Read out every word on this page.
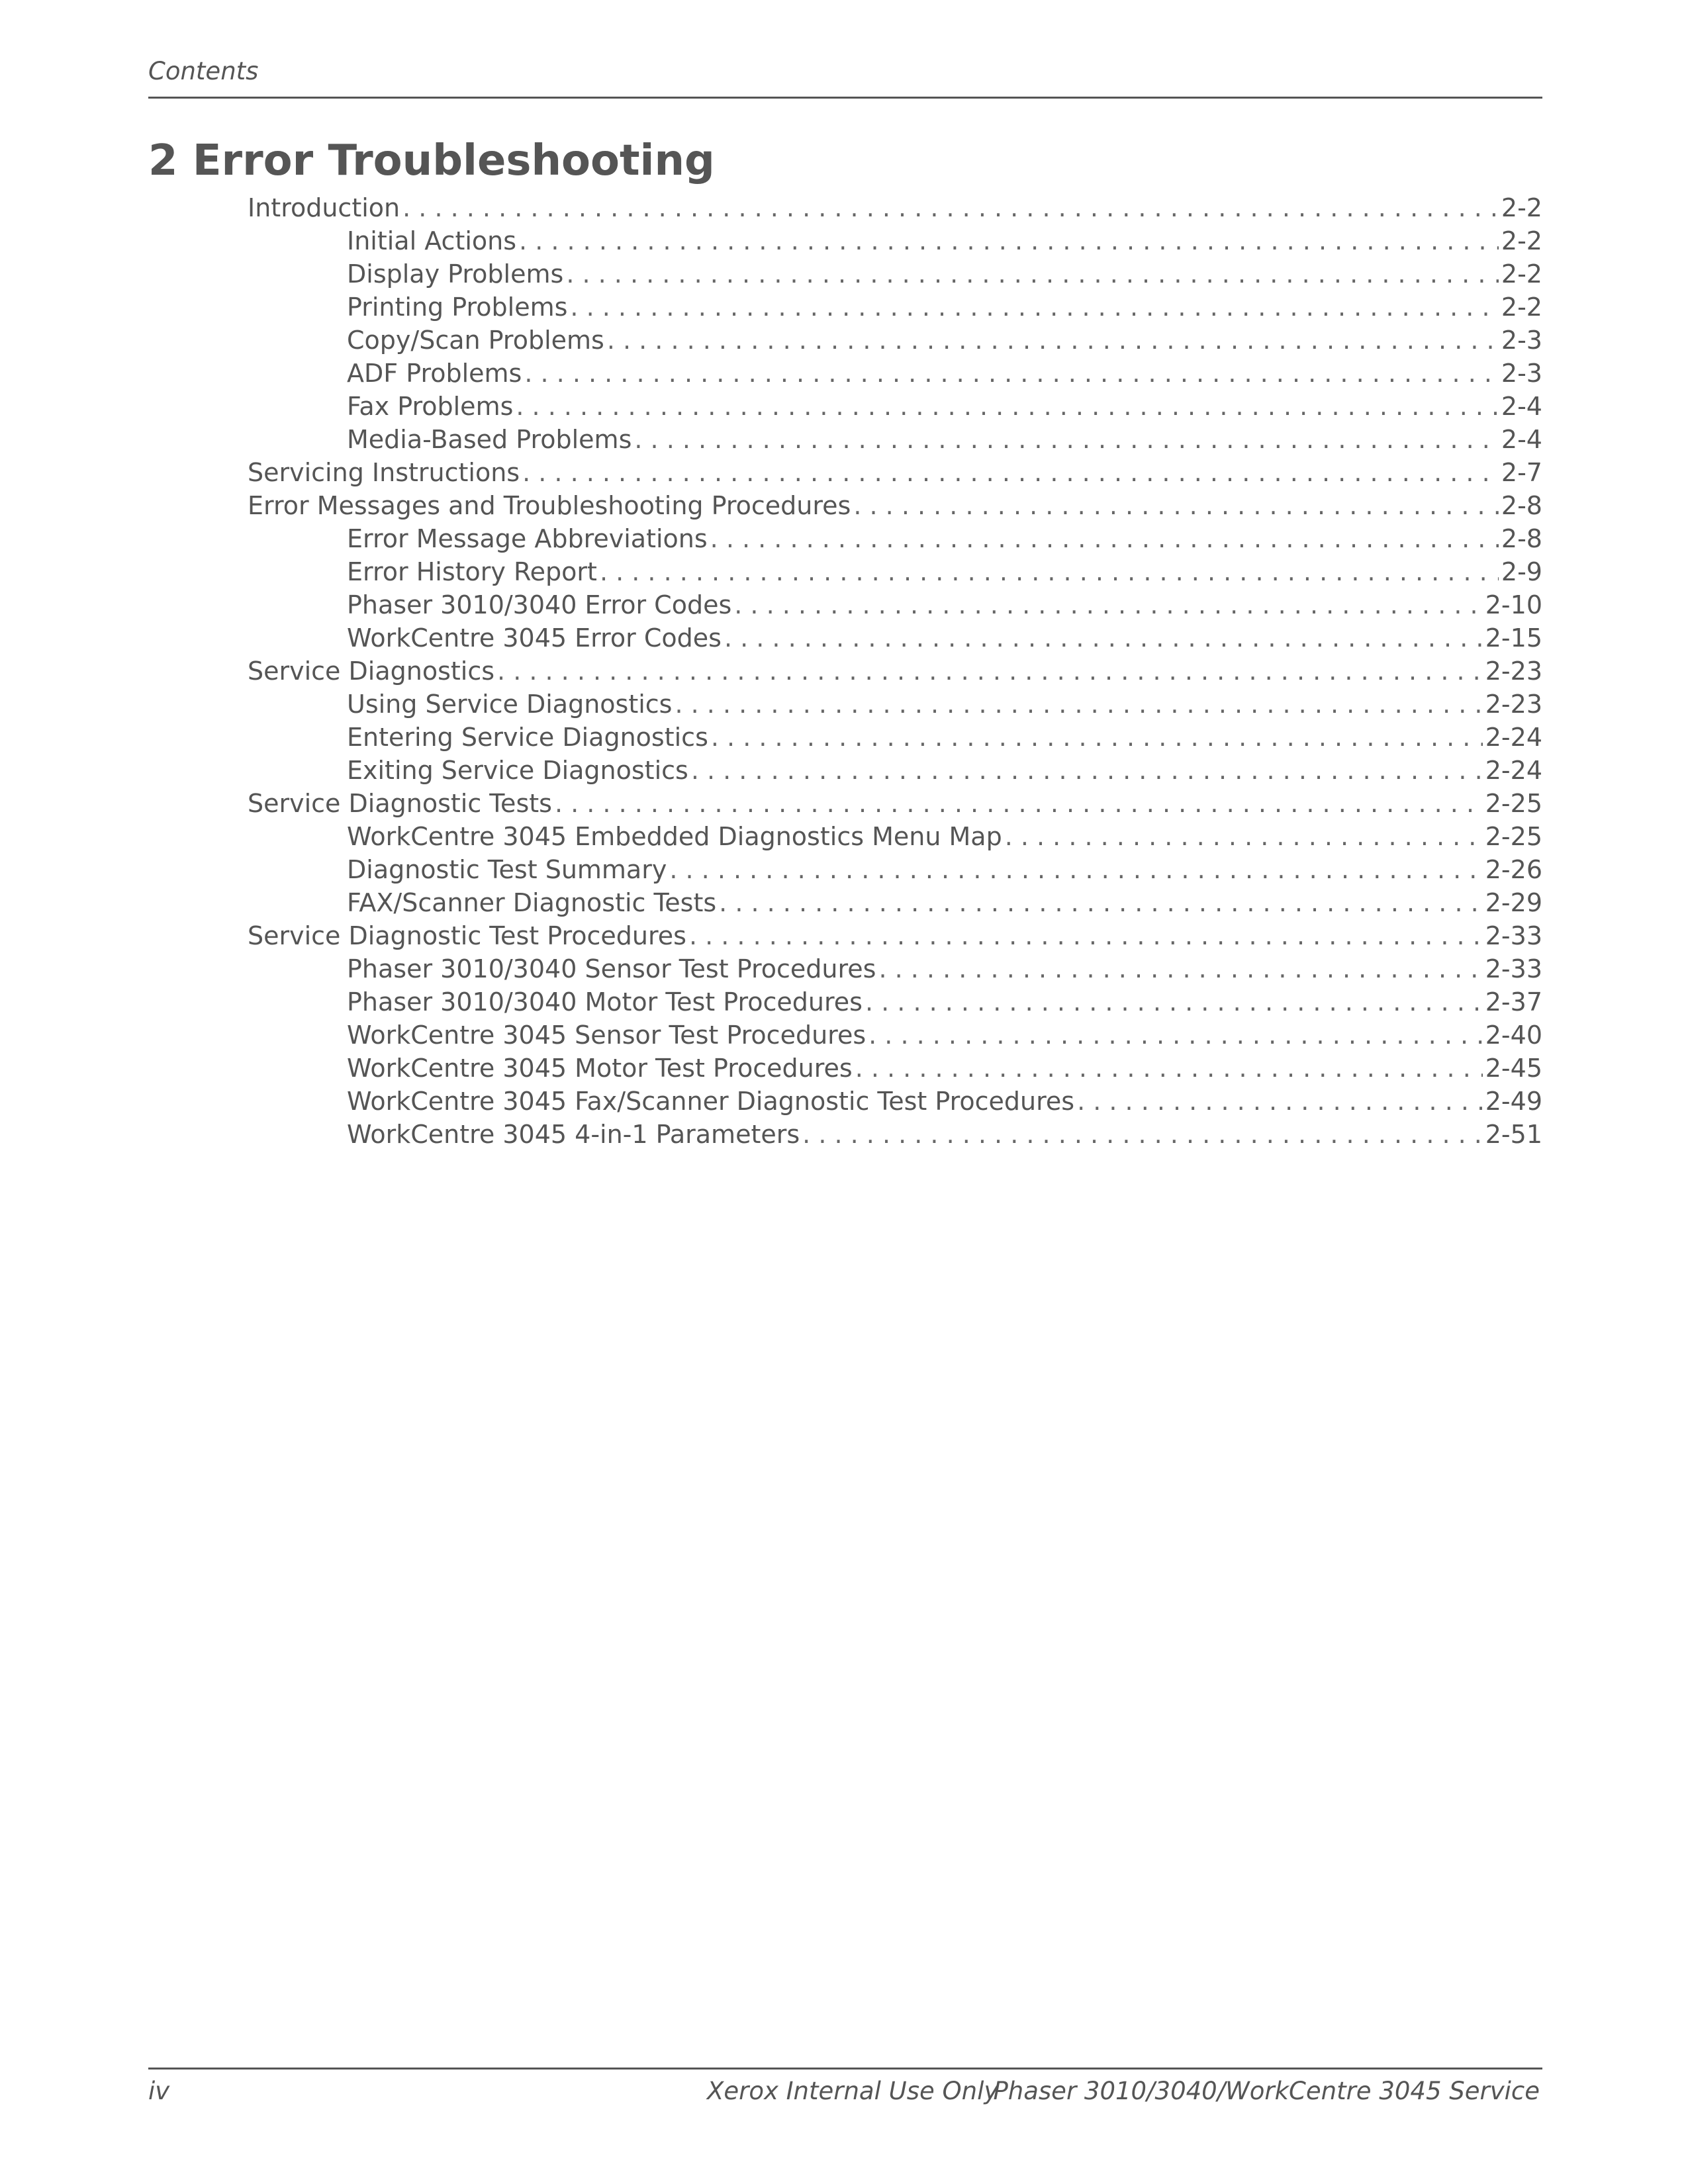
Contents
2 Error Troubleshooting
Introduction . . .	2-2
Initial Actions . . .	2-2
Display Problems . . .	2-2
Printing Problems . . .	2-2
Copy/Scan Problems . . .	2-3
ADF Problems . . .	2-3
Fax Problems . . .	2-4
Media-Based Problems . . .	2-4
Servicing Instructions . . .	2-7
Error Messages and Troubleshooting Procedures . . .	2-8
Error Message Abbreviations . . .	2-8
Error History Report . . .	2-9
Phaser 3010/3040 Error Codes . . .	2-10
WorkCentre 3045 Error Codes . . .	2-15
Service Diagnostics . . .	2-23
Using Service Diagnostics . . .	2-23
Entering Service Diagnostics . . .	2-24
Exiting Service Diagnostics . . .	2-24
Service Diagnostic Tests . . .	2-25
WorkCentre 3045 Embedded Diagnostics Menu Map . . .	2-25
Diagnostic Test Summary . . .	2-26
FAX/Scanner Diagnostic Tests . . .	2-29
Service Diagnostic Test Procedures . . .	2-33
Phaser 3010/3040 Sensor Test Procedures . . .	2-33
Phaser 3010/3040 Motor Test Procedures . . .	2-37
WorkCentre 3045 Sensor Test Procedures . . .	2-40
WorkCentre 3045 Motor Test Procedures . . .	2-45
WorkCentre 3045 Fax/Scanner Diagnostic Test Procedures . . .	2-49
WorkCentre 3045 4-in-1 Parameters . . .	2-51
iv	Xerox Internal Use Only
Phaser 3010/3040/WorkCentre 3045 Service
